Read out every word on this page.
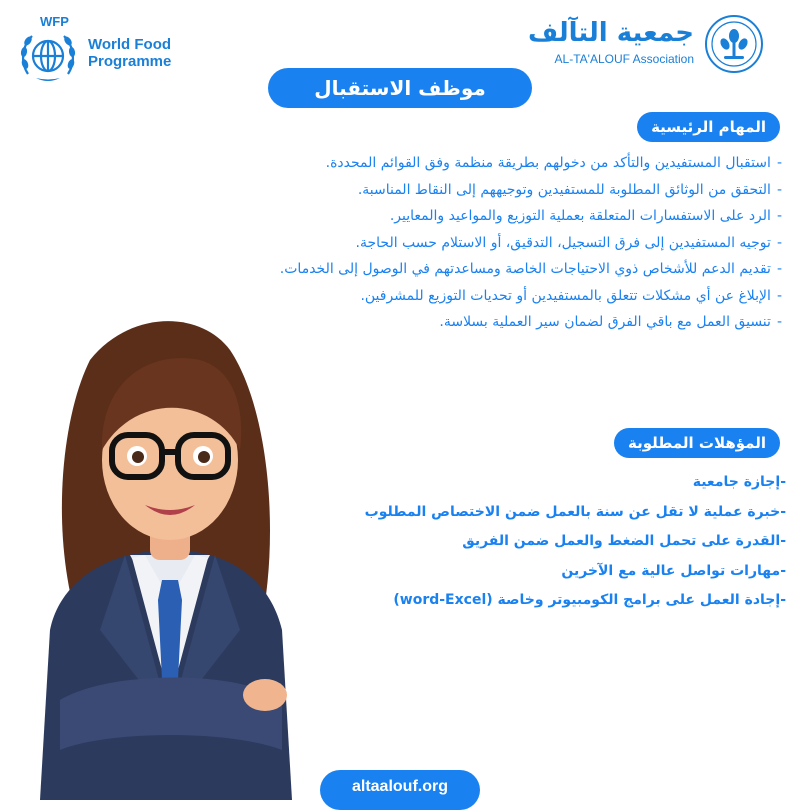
WFP
World Food
Programme
جمعية التآلف
AL-TA'ALOUF Association
موظف الاستقبال
المهام الرئيسية
-استقبال المستفيدين والتأكد من دخولهم بطريقة منظمة وفق القوائم المحددة.
-التحقق من الوثائق المطلوبة للمستفيدين وتوجيههم إلى النقاط المناسبة.
-الرد على الاستفسارات المتعلقة بعملية التوزيع والمواعيد والمعايير.
-توجيه المستفيدين إلى فرق التسجيل، التدقيق، أو الاستلام حسب الحاجة.
-تقديم الدعم للأشخاص ذوي الاحتياجات الخاصة ومساعدتهم في الوصول إلى الخدمات.
-الإبلاغ عن أي مشكلات تتعلق بالمستفيدين أو تحديات التوزيع للمشرفين.
-تنسيق العمل مع باقي الفرق لضمان سير العملية بسلاسة.
المؤهلات المطلوبة
-إجازة جامعية
-خبرة عملية لا تقل عن سنة بالعمل ضمن الاختصاص المطلوب
-القدرة على تحمل الضغط والعمل ضمن الفريق
-مهارات تواصل عالية مع الآخرين
-إجادة العمل على برامج الكومبيوتر وخاصة (word-Excel)
altaalouf.org
